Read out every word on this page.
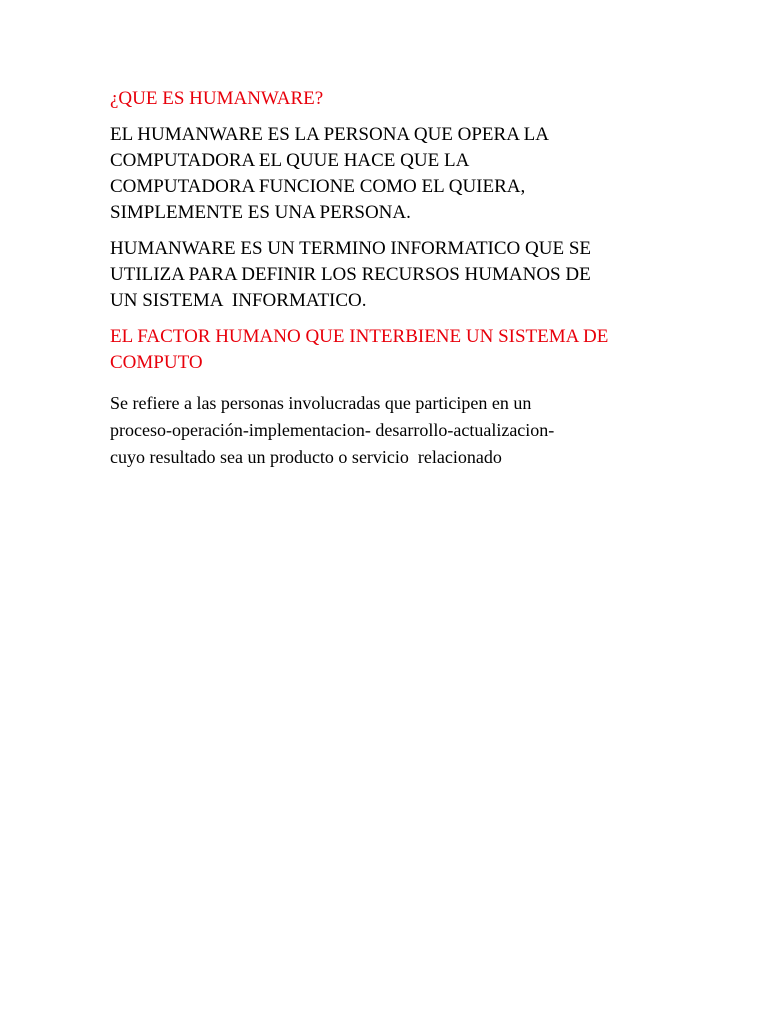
¿QUE ES HUMANWARE?
EL HUMANWARE ES LA PERSONA QUE OPERA LA
COMPUTADORA EL QUUE HACE QUE LA
COMPUTADORA FUNCIONE COMO EL QUIERA,
SIMPLEMENTE ES UNA PERSONA.
HUMANWARE ES UN TERMINO INFORMATICO QUE SE
UTILIZA PARA DEFINIR LOS RECURSOS HUMANOS DE
UN SISTEMA  INFORMATICO.
EL FACTOR HUMANO QUE INTERBIENE UN SISTEMA DE
COMPUTO
Se refiere a las personas involucradas que participen en un
proceso-operación-implementacion- desarrollo-actualizacion-
cuyo resultado sea un producto o servicio  relacionado
